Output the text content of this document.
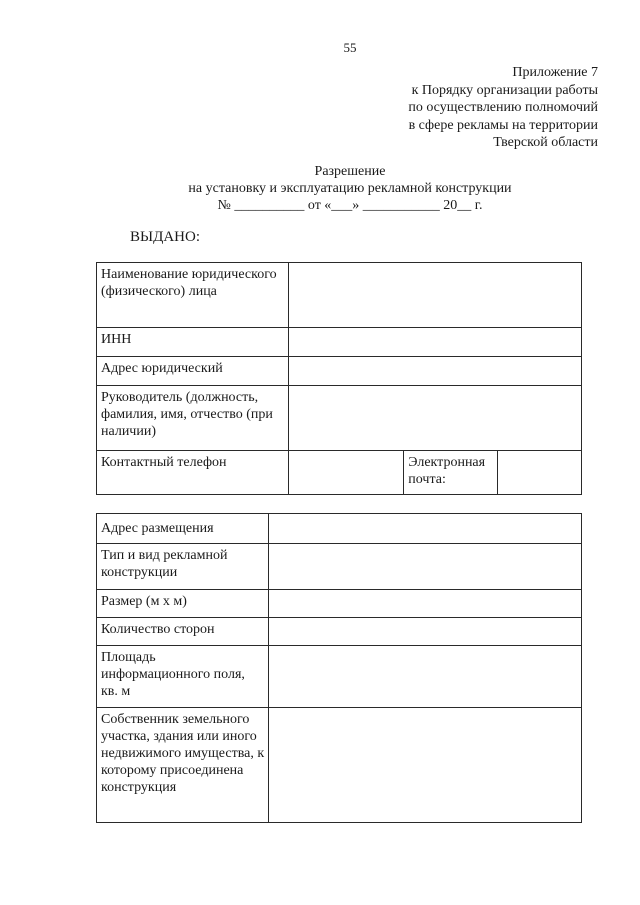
55
Приложение 7
к Порядку организации работы
по осуществлению полномочий
в сфере рекламы на территории
Тверской области
Разрешение
на установку и эксплуатацию рекламной конструкции
№ __________ от «___» ___________ 20__ г.
ВЫДАНО:
Наименование юридического (физического) лица			
ИНН			
Адрес юридический			
Руководитель (должность, фамилия, имя, отчество (при наличии)			
Контактный телефон		Электронная почта:	
Адрес размещения	
Тип и вид рекламной конструкции	
Размер (м х м)	
Количество сторон	
Площадь информационного поля, кв. м	
Собственник земельного участка, здания или иного недвижимого имущества, к которому присоединена конструкция	
